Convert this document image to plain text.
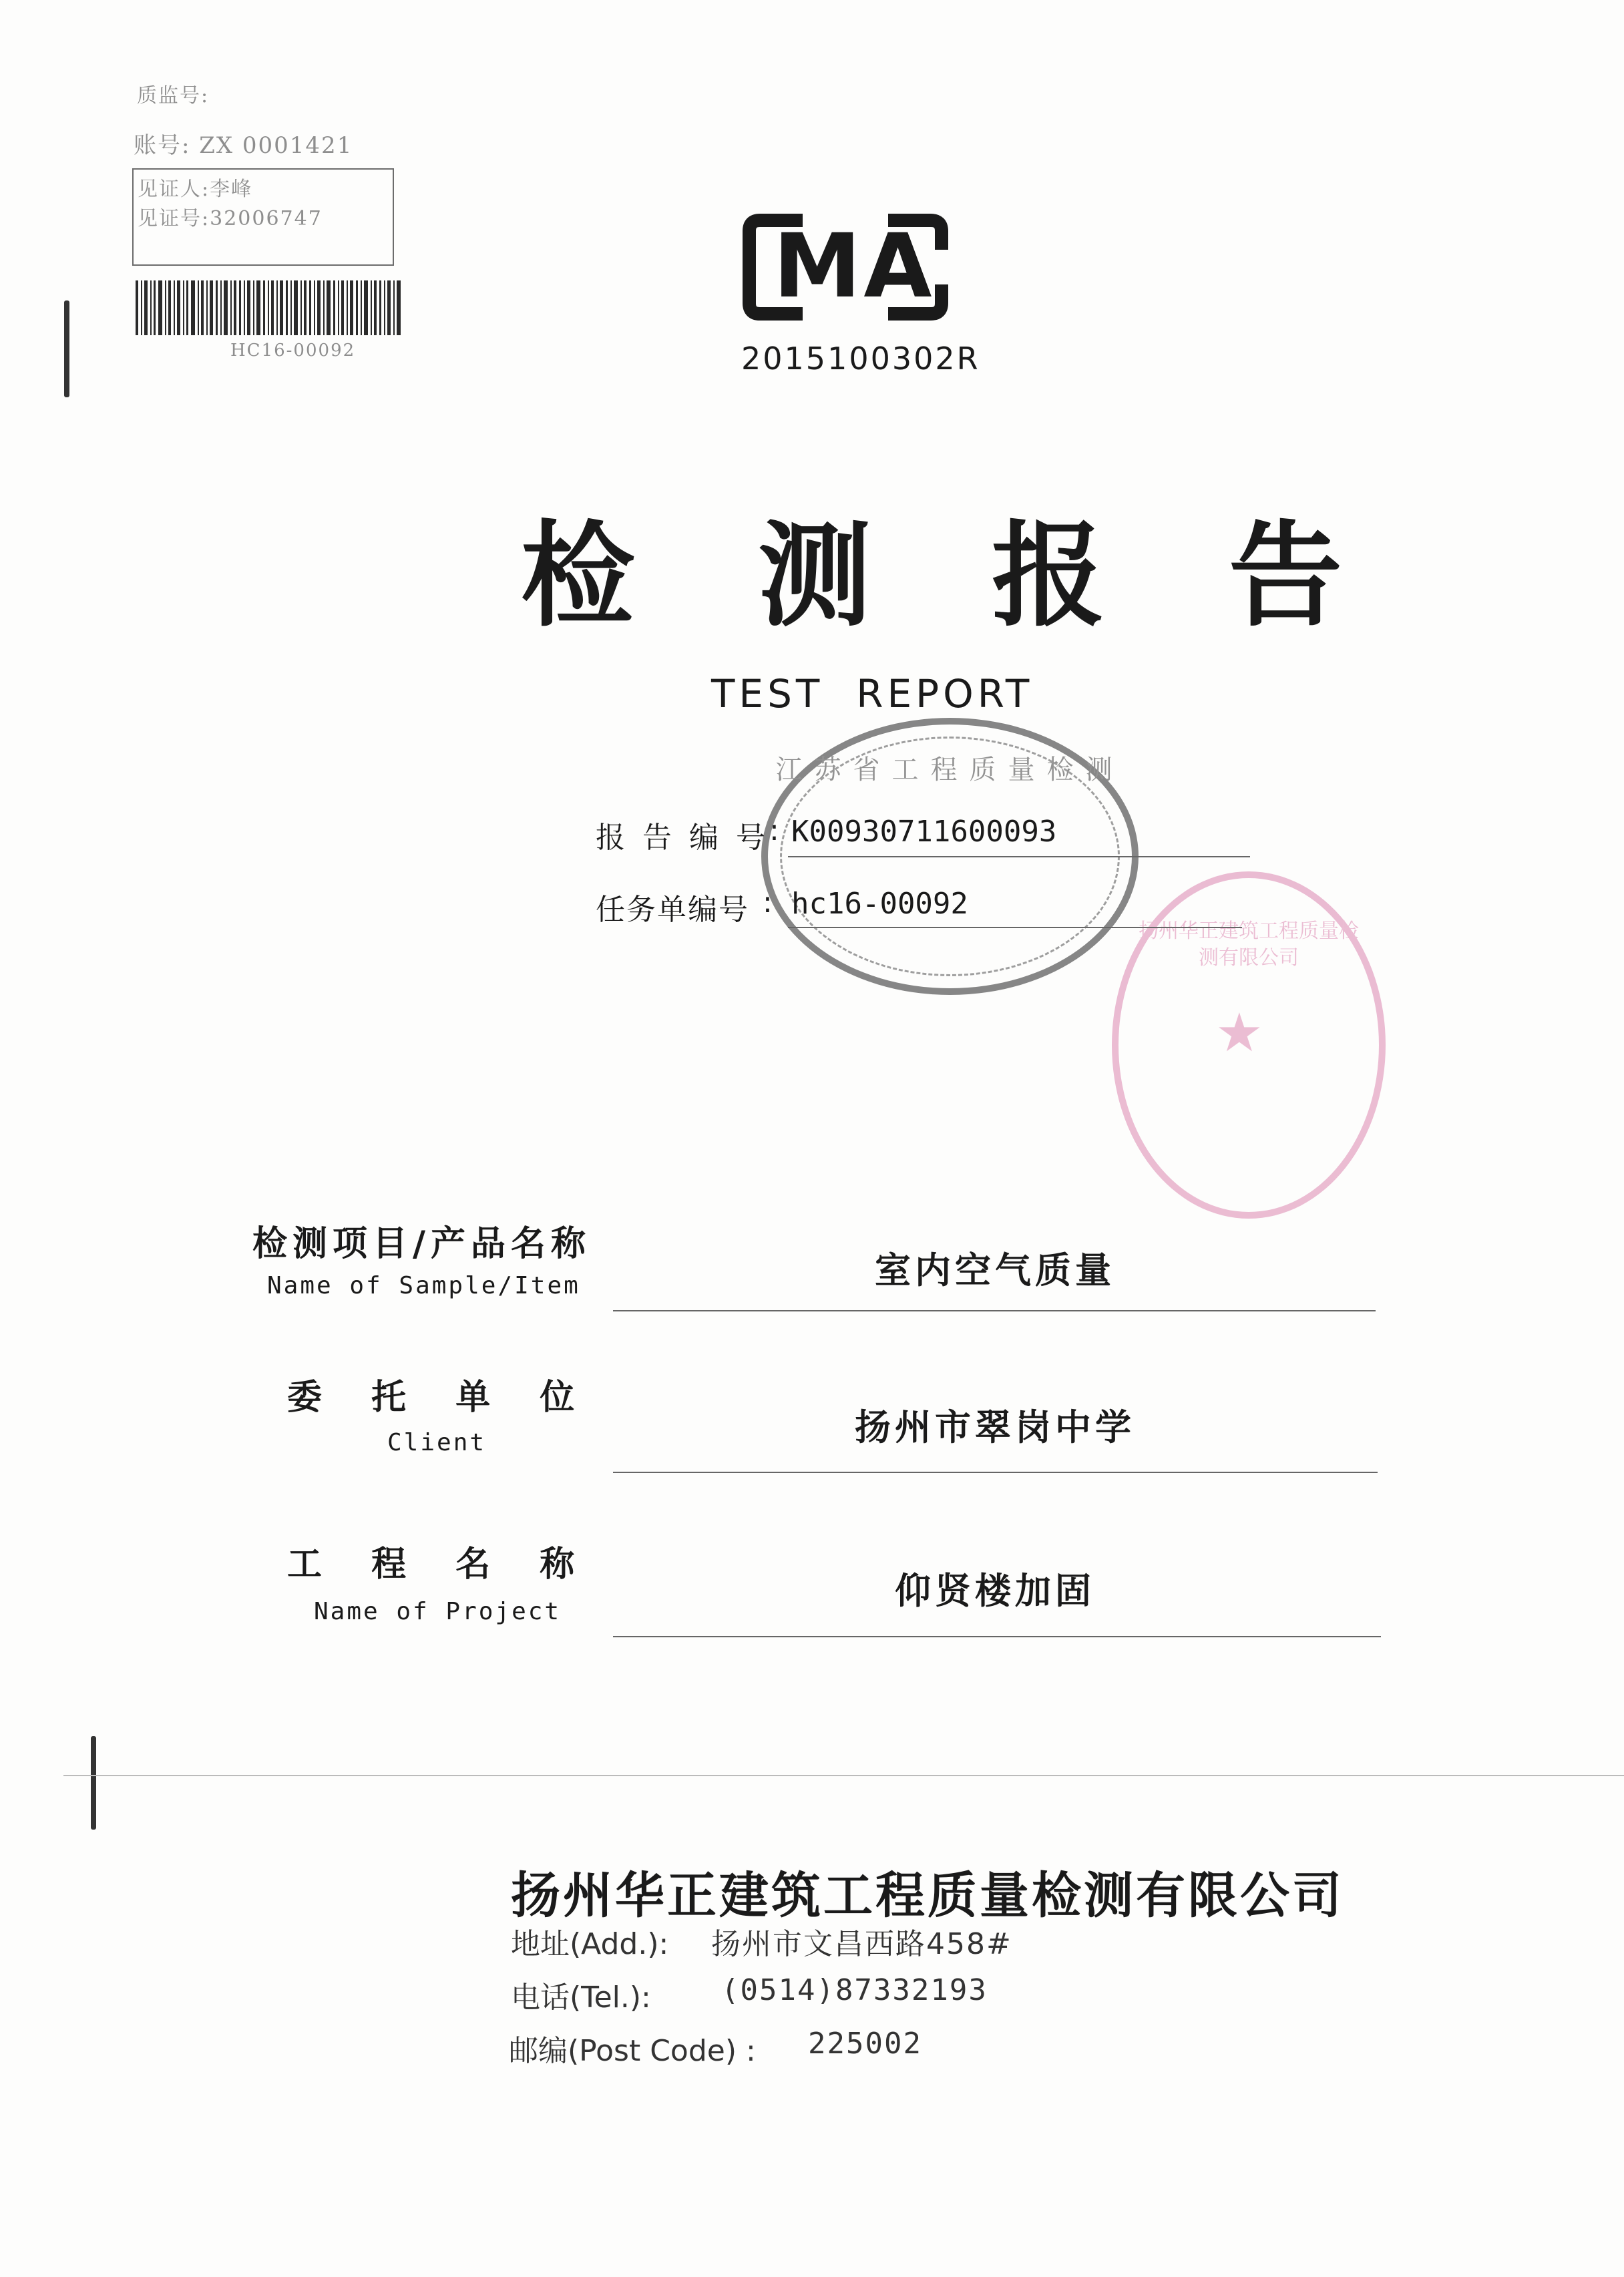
质监号:
账号: ZX 0001421
见证人:李峰
见证号:32006747
HC16-00092
MA
2015100302R
检 测 报 告
TEST  REPORT
江苏省工程质量检测
★
扬州华正建筑工程质量检测有限公司
报 告 编 号 : K00930711600093
任务单编号 : hc16-00092
检测项目/产品名称
Name of Sample/Item	室内空气质量
委 托 单 位
Client	扬州市翠岗中学
工 程 名 称
Name of Project	仰贤楼加固
扬州华正建筑工程质量检测有限公司
地址(Add.): 扬州市文昌西路458#
电话(Tel.): (0514)87332193
邮编(Post Code) : 225002
